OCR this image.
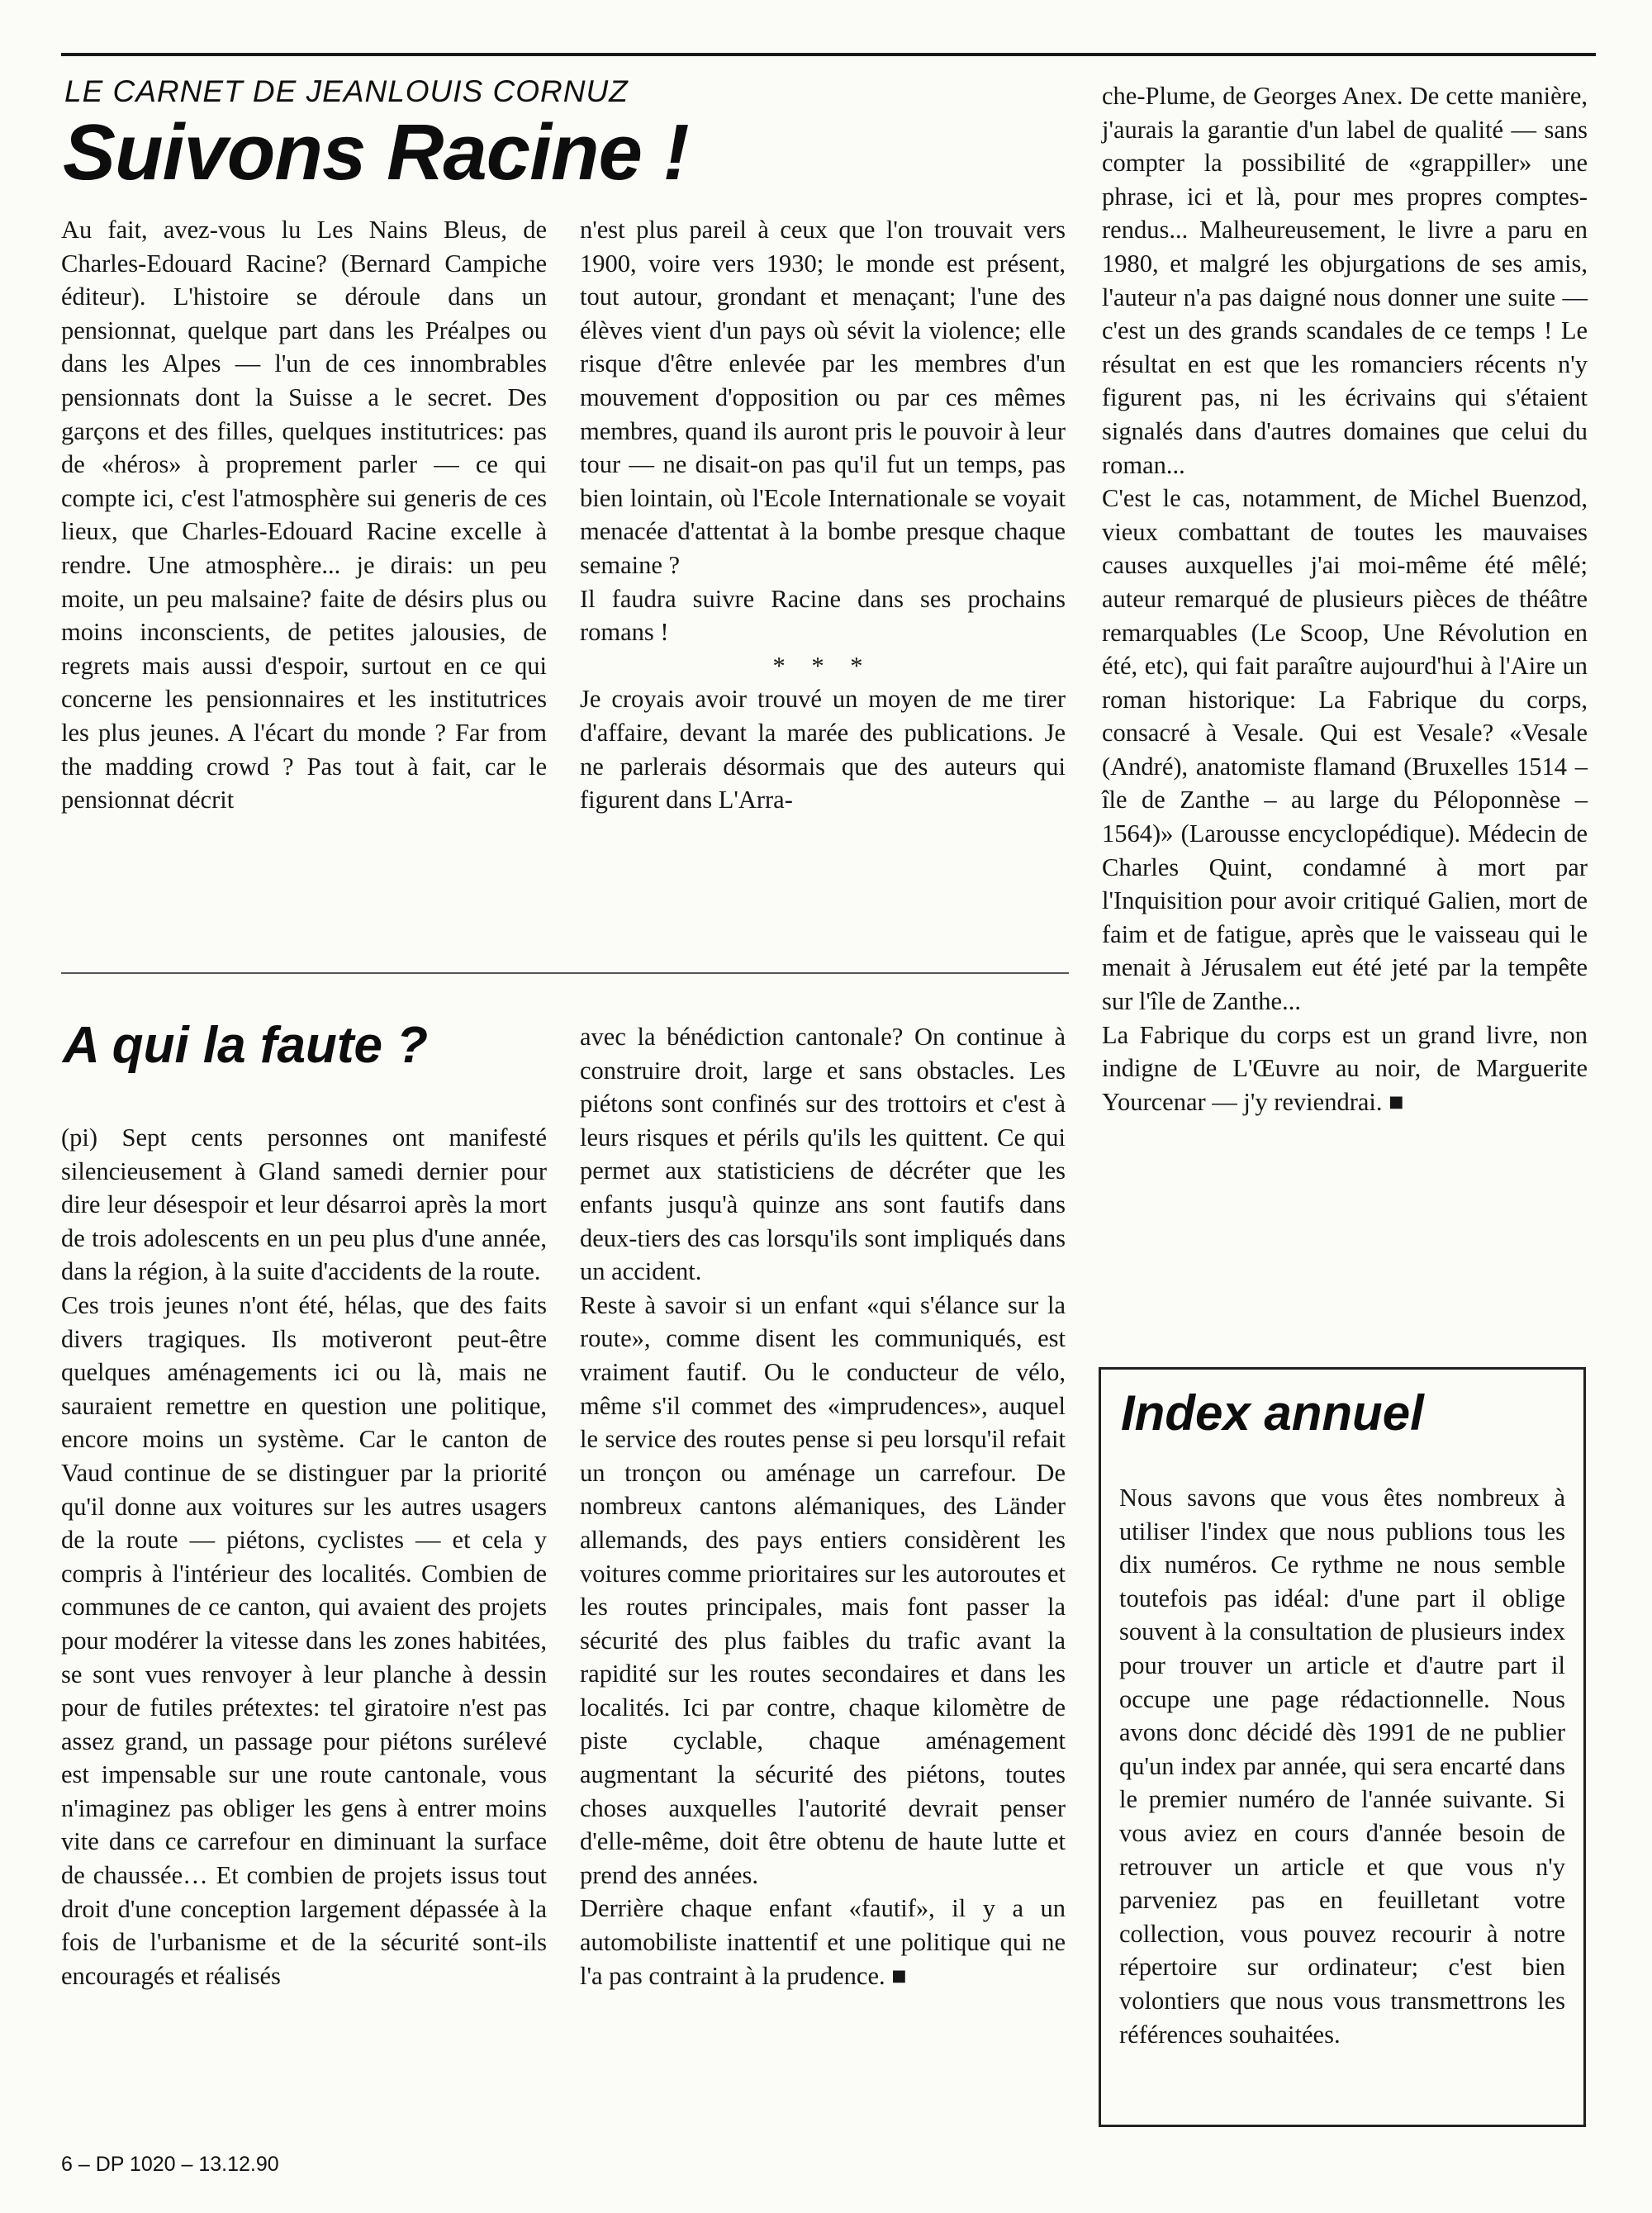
LE CARNET DE JEANLOUIS CORNUZ
Suivons Racine !

Au fait, avez-vous lu Les Nains Bleus, de Charles-Edouard Racine? (Bernard Campiche éditeur). L'histoire se déroule dans un pensionnat, quelque part dans les Préalpes ou dans les Alpes — l'un de ces innombrables pensionnats dont la Suisse a le secret. Des garçons et des filles, quelques institutrices: pas de «héros» à proprement parler — ce qui compte ici, c'est l'atmosphère sui generis de ces lieux, que Charles-Edouard Racine excelle à rendre. Une atmosphère... je dirais: un peu moite, un peu malsaine? faite de désirs plus ou moins inconscients, de petites jalousies, de regrets mais aussi d'espoir, surtout en ce qui concerne les pensionnaires et les institutrices les plus jeunes. A l'écart du monde ? Far from the madding crowd ? Pas tout à fait, car le pensionnat décrit

n'est plus pareil à ceux que l'on trouvait vers 1900, voire vers 1930; le monde est présent, tout autour, grondant et menaçant; l'une des élèves vient d'un pays où sévit la violence; elle risque d'être enlevée par les membres d'un mouvement d'opposition ou par ces mêmes membres, quand ils auront pris le pouvoir à leur tour — ne disait-on pas qu'il fut un temps, pas bien lointain, où l'Ecole Internationale se voyait menacée d'attentat à la bombe presque chaque semaine ?

Il faudra suivre Racine dans ses prochains romans !

* * *

Je croyais avoir trouvé un moyen de me tirer d'affaire, devant la marée des publications. Je ne parlerais désormais que des auteurs qui figurent dans L'Arra-

che-Plume, de Georges Anex. De cette manière, j'aurais la garantie d'un label de qualité — sans compter la possibilité de «grappiller» une phrase, ici et là, pour mes propres comptes-rendus... Malheureusement, le livre a paru en 1980, et malgré les objurgations de ses amis, l'auteur n'a pas daigné nous donner une suite — c'est un des grands scandales de ce temps ! Le résultat en est que les romanciers récents n'y figurent pas, ni les écrivains qui s'étaient signalés dans d'autres domaines que celui du roman...

C'est le cas, notamment, de Michel Buenzod, vieux combattant de toutes les mauvaises causes auxquelles j'ai moi-même été mêlé; auteur remarqué de plusieurs pièces de théâtre remarquables (Le Scoop, Une Révolution en été, etc), qui fait paraître aujourd'hui à l'Aire un roman historique: La Fabrique du corps, consacré à Vesale. Qui est Vesale? «Vesale (André), anatomiste flamand (Bruxelles 1514 – île de Zanthe – au large du Péloponnèse – 1564)» (Larousse encyclopédique). Médecin de Charles Quint, condamné à mort par l'Inquisition pour avoir critiqué Galien, mort de faim et de fatigue, après que le vaisseau qui le menait à Jérusalem eut été jeté par la tempête sur l'île de Zanthe...

La Fabrique du corps est un grand livre, non indigne de L'Œuvre au noir, de Marguerite Yourcenar — j'y reviendrai. ■

A qui la faute ?

(pi) Sept cents personnes ont manifesté silencieusement à Gland samedi dernier pour dire leur désespoir et leur désarroi après la mort de trois adolescents en un peu plus d'une année, dans la région, à la suite d'accidents de la route.

Ces trois jeunes n'ont été, hélas, que des faits divers tragiques. Ils motiveront peut-être quelques aménagements ici ou là, mais ne sauraient remettre en question une politique, encore moins un système. Car le canton de Vaud continue de se distinguer par la priorité qu'il donne aux voitures sur les autres usagers de la route — piétons, cyclistes — et cela y compris à l'intérieur des localités. Combien de communes de ce canton, qui avaient des projets pour modérer la vitesse dans les zones habitées, se sont vues renvoyer à leur planche à dessin pour de futiles prétextes: tel giratoire n'est pas assez grand, un passage pour piétons surélevé est impensable sur une route cantonale, vous n'imaginez pas obliger les gens à entrer moins vite dans ce carrefour en diminuant la surface de chaussée… Et combien de projets issus tout droit d'une conception largement dépassée à la fois de l'urbanisme et de la sécurité sont-ils encouragés et réalisés

avec la bénédiction cantonale? On continue à construire droit, large et sans obstacles. Les piétons sont confinés sur des trottoirs et c'est à leurs risques et périls qu'ils les quittent. Ce qui permet aux statisticiens de décréter que les enfants jusqu'à quinze ans sont fautifs dans deux-tiers des cas lorsqu'ils sont impliqués dans un accident.

Reste à savoir si un enfant «qui s'élance sur la route», comme disent les communiqués, est vraiment fautif. Ou le conducteur de vélo, même s'il commet des «imprudences», auquel le service des routes pense si peu lorsqu'il refait un tronçon ou aménage un carrefour. De nombreux cantons alémaniques, des Länder allemands, des pays entiers considèrent les voitures comme prioritaires sur les autoroutes et les routes principales, mais font passer la sécurité des plus faibles du trafic avant la rapidité sur les routes secondaires et dans les localités. Ici par contre, chaque kilomètre de piste cyclable, chaque aménagement augmentant la sécurité des piétons, toutes choses auxquelles l'autorité devrait penser d'elle-même, doit être obtenu de haute lutte et prend des années.

Derrière chaque enfant «fautif», il y a un automobiliste inattentif et une politique qui ne l'a pas contraint à la prudence. ■

Index annuel
Nous savons que vous êtes nombreux à utiliser l'index que nous publions tous les dix numéros. Ce rythme ne nous semble toutefois pas idéal: d'une part il oblige souvent à la consultation de plusieurs index pour trouver un article et d'autre part il occupe une page rédactionnelle. Nous avons donc décidé dès 1991 de ne publier qu'un index par année, qui sera encarté dans le premier numéro de l'année suivante. Si vous aviez en cours d'année besoin de retrouver un article et que vous n'y parveniez pas en feuilletant votre collection, vous pouvez recourir à notre répertoire sur ordinateur; c'est bien volontiers que nous vous transmettrons les références souhaitées.
6 – DP 1020 – 13.12.90
